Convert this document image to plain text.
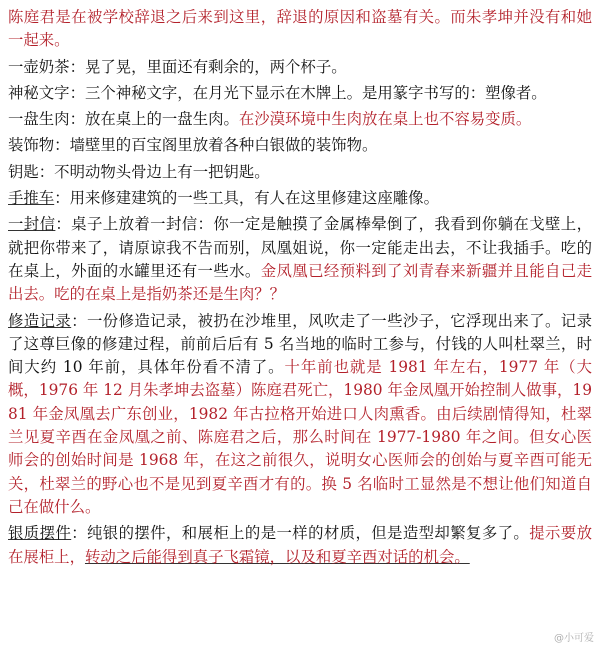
陈庭君是在被学校辞退之后来到这里，辞退的原因和盗墓有关。而朱孝坤并没有和她一起来。

一壶奶茶：晃了晃，里面还有剩余的，两个杯子。

神秘文字：三个神秘文字，在月光下显示在木牌上。是用篆字书写的：塑像者。

一盘生肉：放在桌上的一盘生肉。在沙漠环境中生肉放在桌上也不容易变质。

装饰物：墙壁里的百宝阁里放着各种白银做的装饰物。

钥匙：不明动物头骨边上有一把钥匙。

手推车：用来修建建筑的一些工具，有人在这里修建这座雕像。

一封信：桌子上放着一封信：你一定是触摸了金属棒晕倒了，我看到你躺在戈壁上，就把你带来了，请原谅我不告而别，凤凰姐说，你一定能走出去，不让我插手。吃的在桌上，外面的水罐里还有一些水。金凤凰已经预料到了刘青春来新疆并且能自己走出去。吃的在桌上是指奶茶还是生肉？？

修造记录：一份修造记录，被扔在沙堆里，风吹走了一些沙子，它浮现出来了。记录了这尊巨像的修建过程，前前后后有 5 名当地的临时工参与，付钱的人叫杜翠兰，时间大约 10 年前，具体年份看不清了。十年前也就是 1981 年左右，1977 年（大概，1976 年 12 月朱孝坤去盗墓）陈庭君死亡，1980 年金凤凰开始控制人做事，1981 年金凤凰去广东创业，1982 年古拉格开始进口人肉熏香。由后续剧情得知，杜翠兰见夏辛酉在金凤凰之前、陈庭君之后，那么时间在 1977-1980 年之间。但女心医师会的创始时间是 1968 年，在这之前很久，说明女心医师会的创始与夏辛酉可能无关，杜翠兰的野心也不是见到夏辛酉才有的。换 5 名临时工显然是不想让他们知道自己在做什么。

银质摆件：纯银的摆件，和展柜上的是一样的材质，但是造型却繁复多了。提示要放在展柜上，转动之后能得到真子飞霜镜，以及和夏辛酉对话的机会。

@小可爱
